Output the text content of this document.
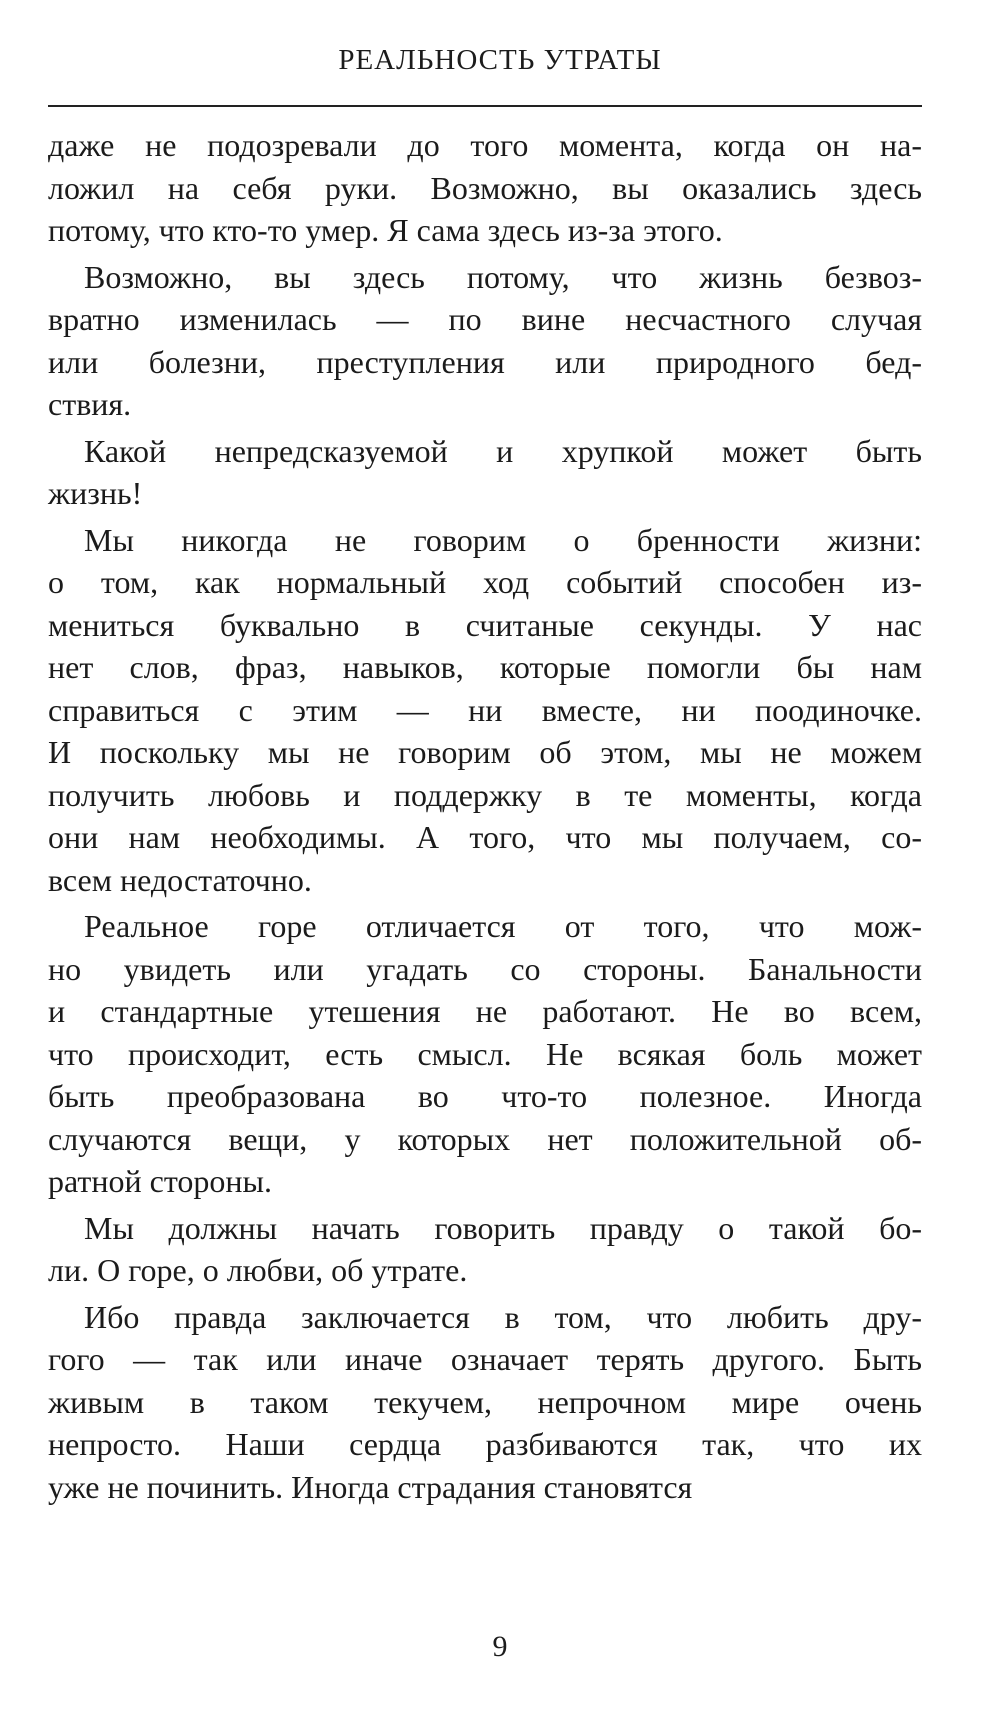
РЕАЛЬНОСТЬ УТРАТЫ
даже не подозревали до того момента, когда он на-
ложил на себя руки. Возможно, вы оказались здесь
потому, что кто-то умер. Я сама здесь из-за этого.
Возможно, вы здесь потому, что жизнь безвоз-
вратно изменилась — по вине несчастного случая
или болезни, преступления или природного бед-
ствия.
Какой непредсказуемой и хрупкой может быть
жизнь!
Мы никогда не говорим о бренности жизни:
о том, как нормальный ход событий способен из-
мениться буквально в считаные секунды. У нас
нет слов, фраз, навыков, которые помогли бы нам
справиться с этим — ни вместе, ни поодиночке.
И поскольку мы не говорим об этом, мы не можем
получить любовь и поддержку в те моменты, когда
они нам необходимы. А того, что мы получаем, со-
всем недостаточно.
Реальное горе отличается от того, что мож-
но увидеть или угадать со стороны. Банальности
и стандартные утешения не работают. Не во всем,
что происходит, есть смысл. Не всякая боль может
быть преобразована во что-то полезное. Иногда
случаются вещи, у которых нет положительной об-
ратной стороны.
Мы должны начать говорить правду о такой бо-
ли. О горе, о любви, об утрате.
Ибо правда заключается в том, что любить дру-
гого — так или иначе означает терять другого. Быть
живым в таком текучем, непрочном мире очень
непросто. Наши сердца разбиваются так, что их
уже не починить. Иногда страдания становятся
9
